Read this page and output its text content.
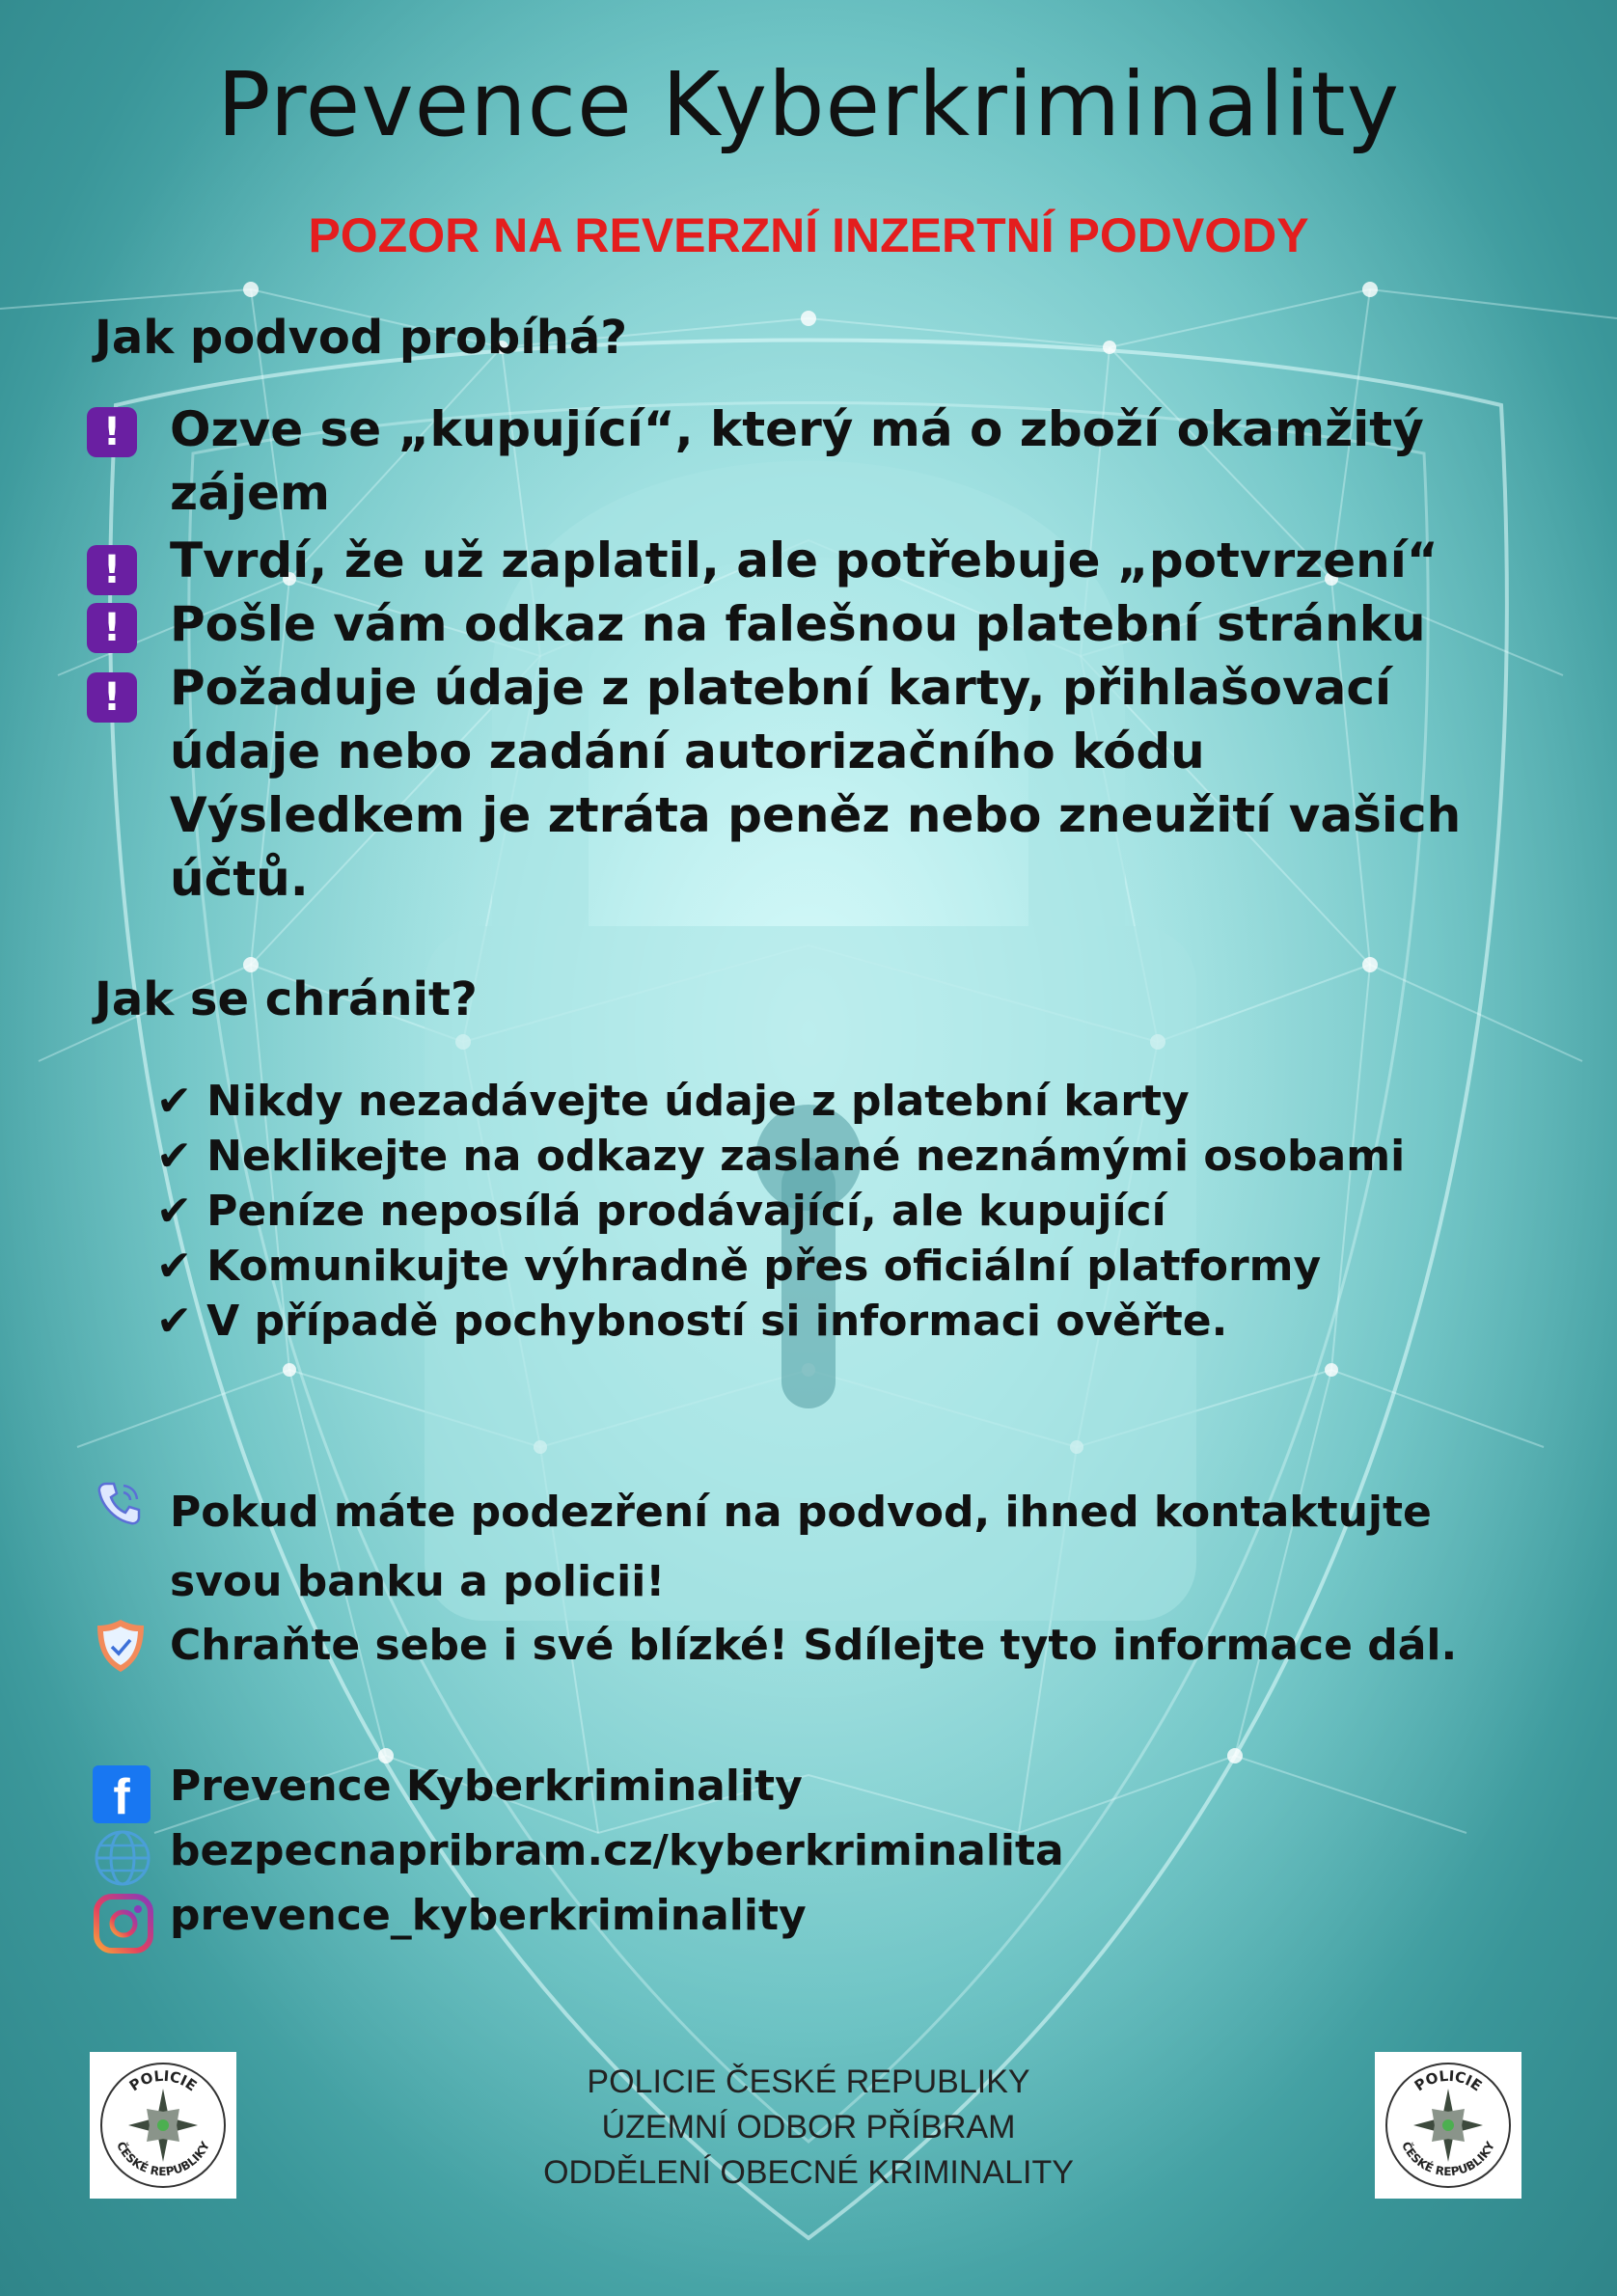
Prevence Kyberkriminality
POZOR NA REVERZNÍ INZERTNÍ PODVODY
Jak podvod probíhá?
!	Ozve se „kupující“, který má o zboží okamžitý zájem
!	Tvrdí, že už zaplatil, ale potřebuje „potvrzení“
!	Pošle vám odkaz na falešnou platební stránku
!	Požaduje údaje z platební karty, přihlašovací údaje nebo zadání autorizačního kódu Výsledkem je ztráta peněz nebo zneužití vašich účtů.
Jak se chránit?
✔ Nikdy nezadávejte údaje z platební karty
✔ Neklikejte na odkazy zaslané neznámými osobami
✔ Peníze neposílá prodávající, ale kupující
✔ Komunikujte výhradně přes oficiální platformy
✔ V případě pochybností si informaci ověřte.
Pokud máte podezření na podvod, ihned kontaktujte svou banku a policii!
Chraňte sebe i své blízké! Sdílejte tyto informace dál.
f Prevence Kyberkriminality
bezpecnapribram.cz/kyberkriminalita
prevence_kyberkriminality
POLICIE ČESKÉ REPUBLIKY
ÚZEMNÍ ODBOR PŘÍBRAM
ODDĚLENÍ OBECNÉ KRIMINALITY
POLICIE
ČESKÉ REPUBLIKY
POLICIE
ČESKÉ REPUBLIKY
